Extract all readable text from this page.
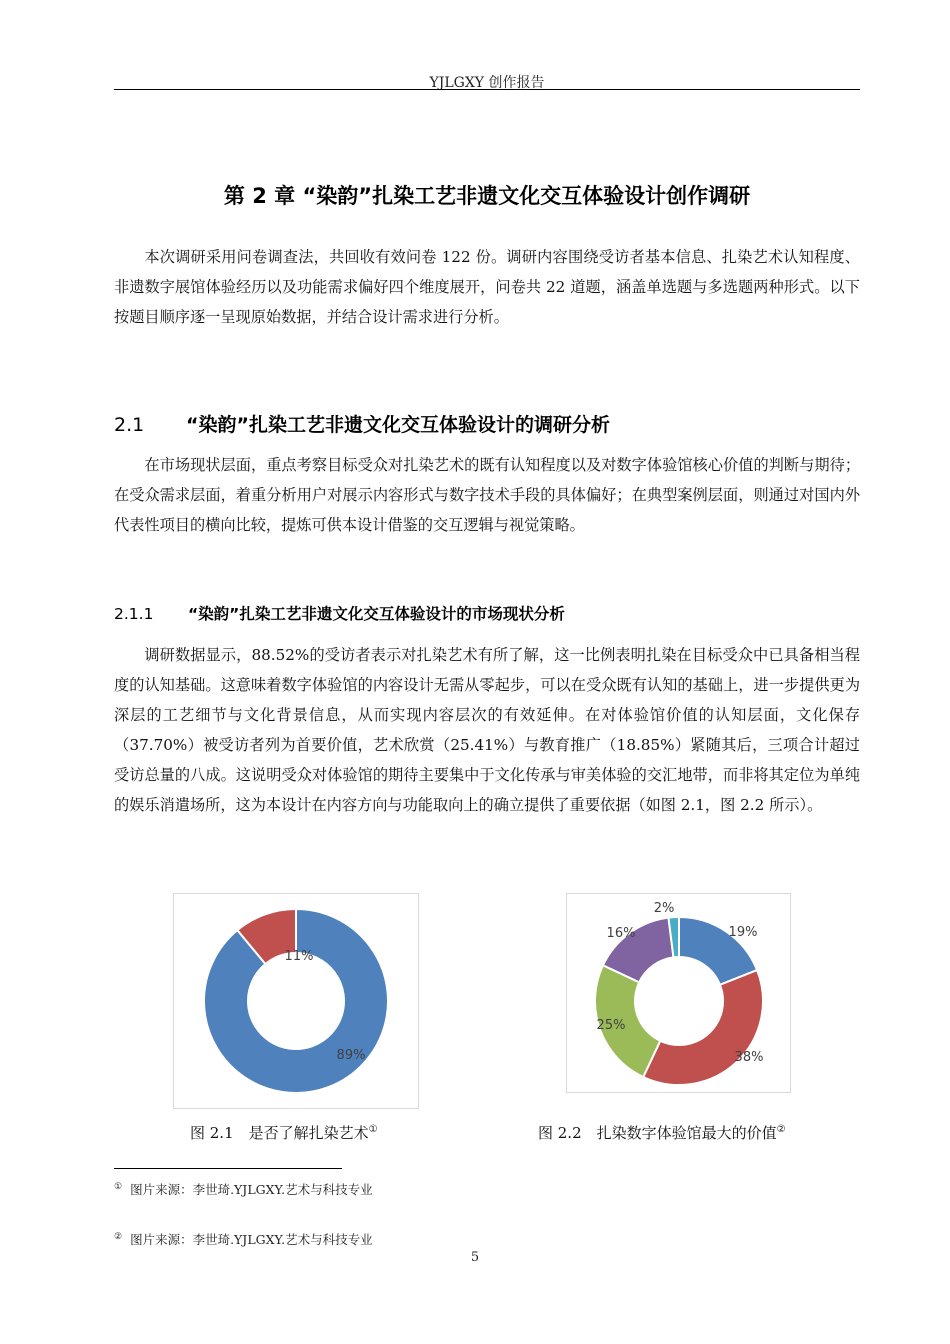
YJLGXY 创作报告
第 2 章 “染韵”扎染工艺非遗文化交互体验设计创作调研

本次调研采用问卷调查法，共回收有效问卷 122 份。调研内容围绕受访者基本信息、扎染艺术认知程度、非遗数字展馆体验经历以及功能需求偏好四个维度展开，问卷共 22 道题，涵盖单选题与多选题两种形式。以下按题目顺序逐一呈现原始数据，并结合设计需求进行分析。

2.1 “染韵”扎染工艺非遗文化交互体验设计的调研分析

在市场现状层面，重点考察目标受众对扎染艺术的既有认知程度以及对数字体验馆核心价值的判断与期待；在受众需求层面，着重分析用户对展示内容形式与数字技术手段的具体偏好；在典型案例层面，则通过对国内外代表性项目的横向比较，提炼可供本设计借鉴的交互逻辑与视觉策略。

2.1.1 “染韵”扎染工艺非遗文化交互体验设计的市场现状分析

调研数据显示，88.52%的受访者表示对扎染艺术有所了解，这一比例表明扎染在目标受众中已具备相当程度的认知基础。这意味着数字体验馆的内容设计无需从零起步，可以在受众既有认知的基础上，进一步提供更为深层的工艺细节与文化背景信息，从而实现内容层次的有效延伸。在对体验馆价值的认知层面，文化保存（37.70%）被受访者列为首要价值，艺术欣赏（25.41%）与教育推广（18.85%）紧随其后，三项合计超过受访总量的八成。这说明受众对体验馆的期待主要集中于文化传承与审美体验的交汇地带，而非将其定位为单纯的娱乐消遣场所，这为本设计在内容方向与功能取向上的确立提供了重要依据（如图 2.1，图 2.2 所示）。

89%
11%
19%
38%
25%
16%
2%
图 2.1　是否了解扎染艺术①	图 2.2　扎染数字体验馆最大的价值②
① 图片来源：李世琦.YJLGXY.艺术与科技专业
② 图片来源：李世琦.YJLGXY.艺术与科技专业
5
